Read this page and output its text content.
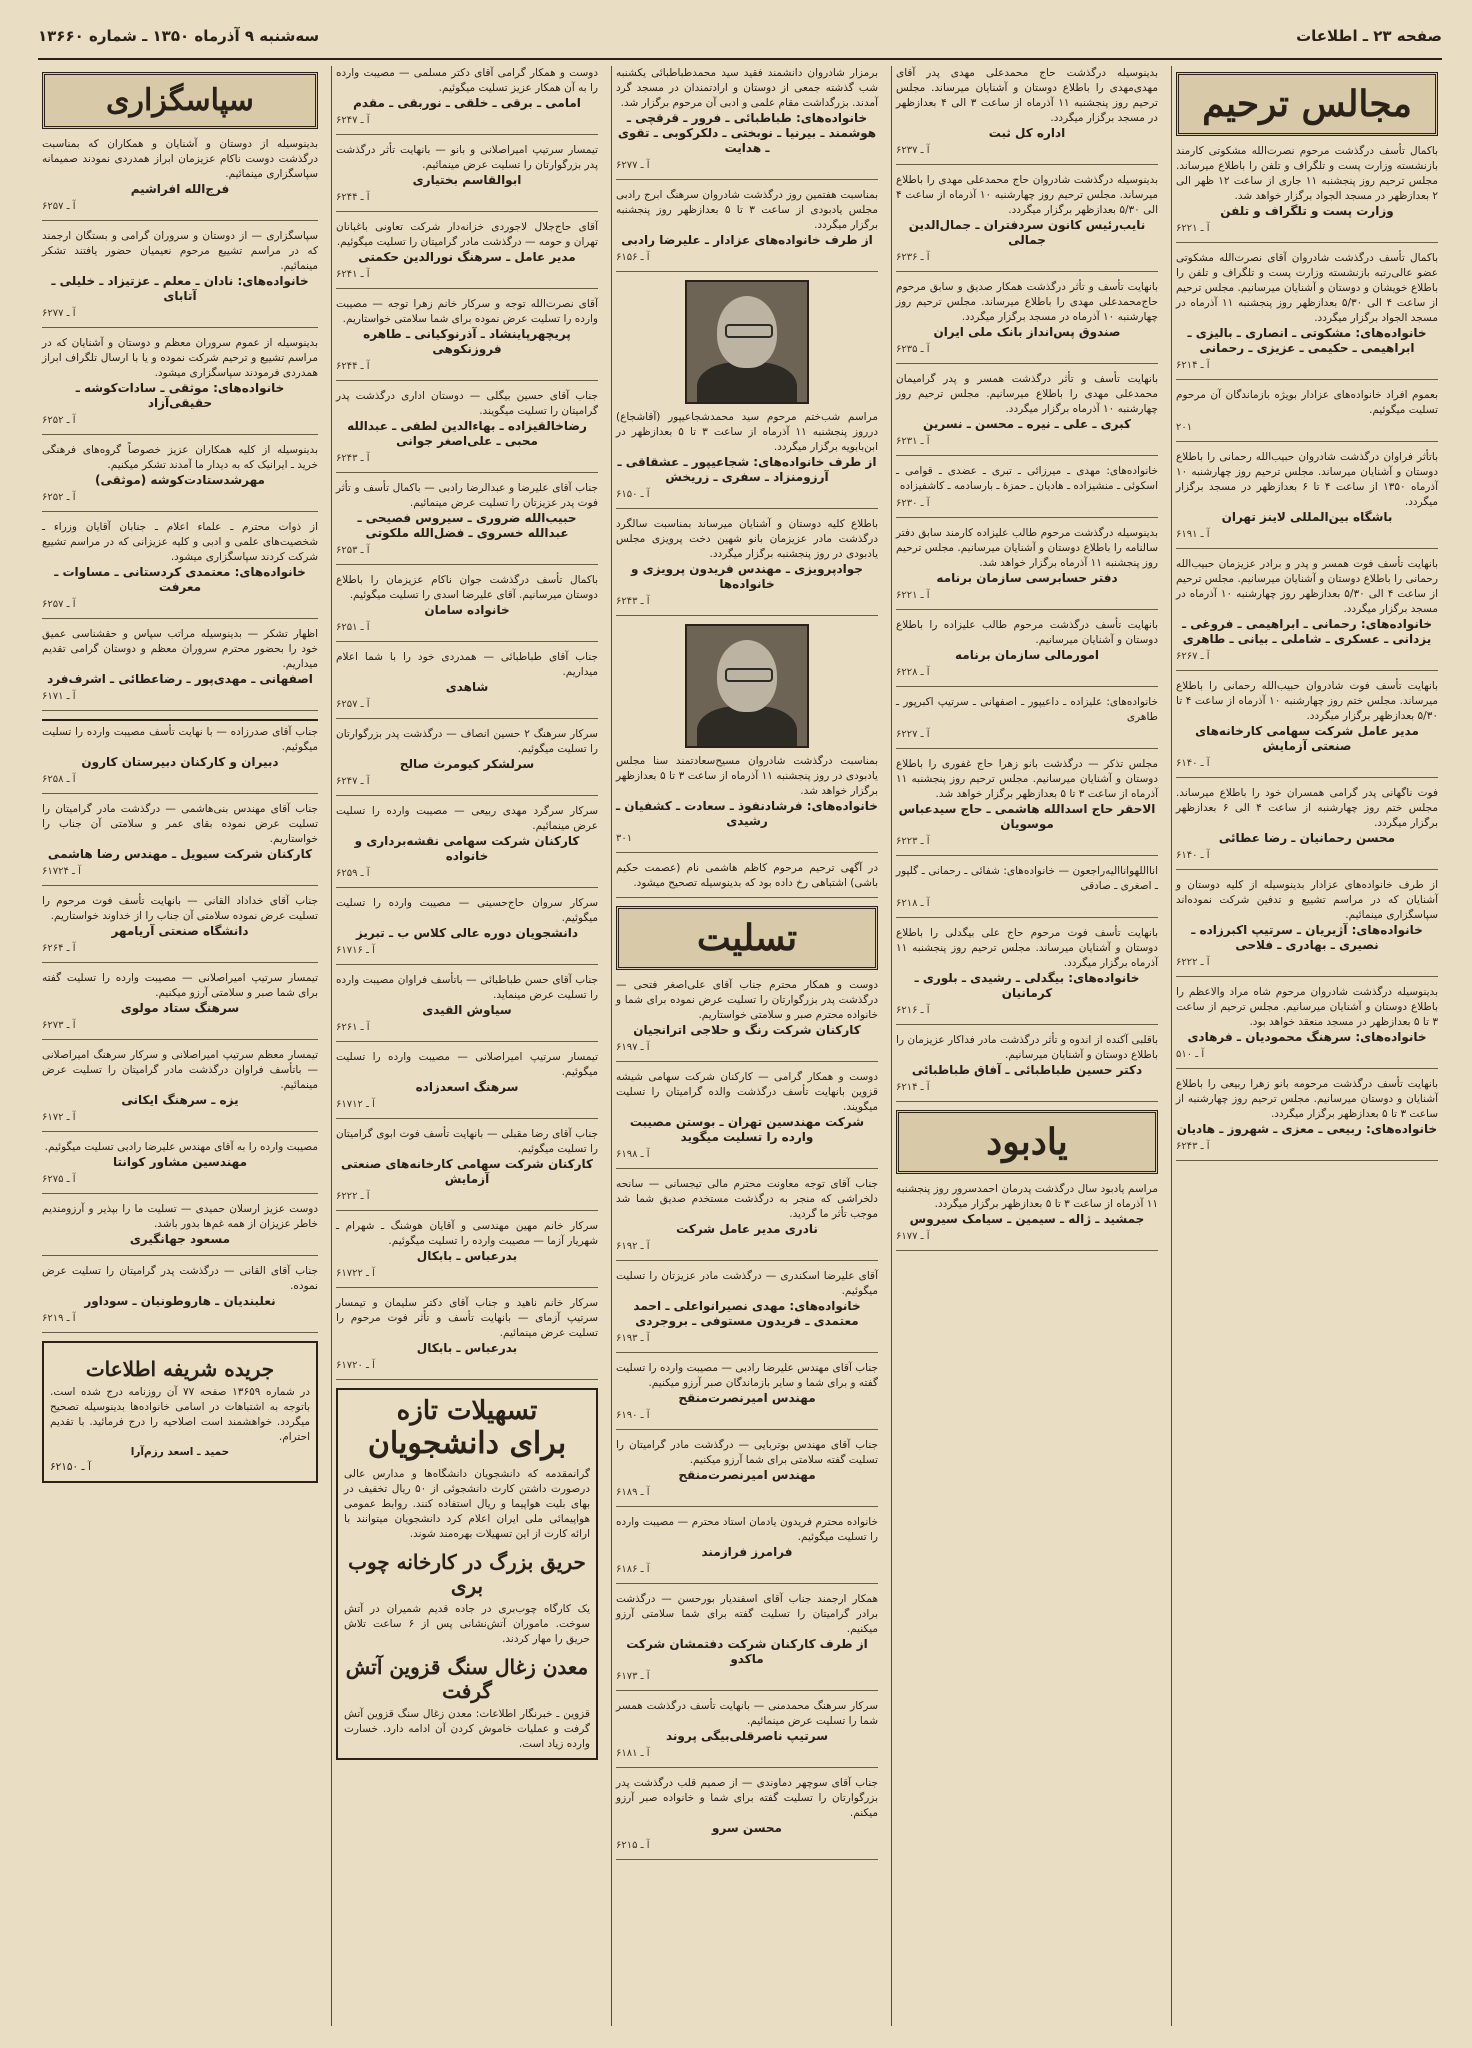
صفحه ۲۳ ـ اطلاعات
سه‌شنبه ۹ آذرماه ۱۳۵۰ ـ شماره ۱۳۶۶۰
مجالس ترحیم
باکمال تأسف درگذشت مرحوم نصرت‌الله مشکوتی کارمند بازنشسته وزارت پست و تلگراف و تلفن را باطلاع میرساند. مجلس ترحیم روز پنجشنبه ۱۱ جاری از ساعت ۱۲ ظهر الی ۲ بعدازظهر در مسجد الجواد برگزار خواهد شد.
وزارت پست و تلگراف و تلفن
آ ـ ۶۲۲۱
باکمال تأسف درگذشت شادروان آقای نصرت‌الله مشکوتی عضو عالی‌رتبه بازنشسته وزارت پست و تلگراف و تلفن را باطلاع خویشان و دوستان و آشنایان میرسانیم. مجلس ترحیم از ساعت ۴ الی ۵/۳۰ بعدازظهر روز پنجشنبه ۱۱ آذرماه در مسجد الجواد برگزار میگردد.
خانواده‌های: مشکوتی ـ انصاری ـ بالیزی ـ ابراهیمی ـ حکیمی ـ عزیزی ـ رحمانی
آ ـ ۶۲۱۴
بعموم افراد خانواده‌های عزادار بویژه بازماندگان آن مرحوم تسلیت میگوئیم.
۲۰۱
باتأثر فراوان درگذشت شادروان حبیب‌الله رحمانی را باطلاع دوستان و آشنایان میرساند. مجلس ترحیم روز چهارشنبه ۱۰ آذرماه ۱۳۵۰ از ساعت ۴ تا ۶ بعدازظهر در مسجد برگزار میگردد.
باشگاه بین‌المللی لاینز تهران
آ ـ ۶۱۹۱
بانهایت تأسف فوت همسر و پدر و برادر عزیزمان حبیب‌الله رحمانی را باطلاع دوستان و آشنایان میرسانیم. مجلس ترحیم از ساعت ۴ الی ۵/۳۰ بعدازظهر روز چهارشنبه ۱۰ آذرماه در مسجد برگزار میگردد.
خانواده‌های: رحمانی ـ ابراهیمی ـ فروغی ـ یزدانی ـ عسکری ـ شاملی ـ بیانی ـ طاهری
آ ـ ۶۲۶۷
بانهایت تأسف فوت شادروان حبیب‌الله رحمانی را باطلاع میرساند. مجلس ختم روز چهارشنبه ۱۰ آذرماه از ساعت ۴ تا ۵/۳۰ بعدازظهر برگزار میگردد.
مدیر عامل شرکت سهامی کارخانه‌های صنعتی آزمایش
آ ـ ۶۱۴۰
فوت ناگهانی پدر گرامی همسران خود را باطلاع میرساند. مجلس ختم روز چهارشنبه از ساعت ۴ الی ۶ بعدازظهر برگزار میگردد.
محسن رحمانیان ـ رضا عطائی
آ ـ ۶۱۴۰
از طرف خانواده‌های عزادار بدینوسیله از کلیه دوستان و آشنایان که در مراسم تشییع و تدفین شرکت نموده‌اند سپاسگزاری مینمائیم.
خانواده‌های: آژیریان ـ سرتیپ اکبرزاده ـ نصیری ـ بهادری ـ فلاحی
آ ـ ۶۲۲۲
بدینوسیله درگذشت شادروان مرحوم شاه مراد والاعظم را باطلاع دوستان و آشنایان میرسانیم. مجلس ترحیم از ساعت ۳ تا ۵ بعدازظهر در مسجد منعقد خواهد بود.
خانواده‌های: سرهنگ محمودیان ـ فرهادی
آ ـ ۵۱۰
بانهایت تأسف درگذشت مرحومه بانو زهرا ربیعی را باطلاع آشنایان و دوستان میرسانیم. مجلس ترحیم روز چهارشنبه از ساعت ۳ تا ۵ بعدازظهر برگزار میگردد.
خانواده‌های: ربیعی ـ معزی ـ شهروز ـ هادیان
آ ـ ۶۲۴۳
بدینوسیله درگذشت حاج محمدعلی مهدی پدر آقای مهدی‌مهدی را باطلاع دوستان و آشنایان میرساند. مجلس ترحیم روز پنجشنبه ۱۱ آذرماه از ساعت ۳ الی ۴ بعدازظهر در مسجد برگزار میگردد.
اداره کل ثبت
آ ـ ۶۲۳۷
بدینوسیله درگذشت شادروان حاج محمدعلی مهدی را باطلاع میرساند. مجلس ترحیم روز چهارشنبه ۱۰ آذرماه از ساعت ۴ الی ۵/۳۰ بعدازظهر برگزار میگردد.
نایب‌رئیس کانون سردفتران ـ جمال‌الدین جمالی
آ ـ ۶۲۳۶
بانهایت تأسف و تأثر درگذشت همکار صدیق و سابق مرحوم حاج‌محمدعلی مهدی را باطلاع میرساند. مجلس ترحیم روز چهارشنبه ۱۰ آذرماه در مسجد برگزار میگردد.
صندوق پس‌انداز بانک ملی ایران
آ ـ ۶۲۳۵
بانهایت تأسف و تأثر درگذشت همسر و پدر گرامیمان محمدعلی مهدی را باطلاع میرسانیم. مجلس ترحیم روز چهارشنبه ۱۰ آذرماه برگزار میگردد.
کبری ـ علی ـ نیره ـ محسن ـ نسرین
آ ـ ۶۲۳۱
خانواده‌های: مهدی ـ میرزائی ـ تبری ـ عضدی ـ قوامی ـ اسکوئی ـ منشیزاده ـ هادیان ـ حمزهٔ ـ بارسادمه ـ کاشفیزاده
آ ـ ۶۲۳۰
بدینوسیله درگذشت مرحوم طالب علیزاده کارمند سابق دفتر سالنامه را باطلاع دوستان و آشنایان میرسانیم. مجلس ترحیم روز پنجشنبه ۱۱ آذرماه برگزار خواهد شد.
دفتر حسابرسی سازمان برنامه
آ ـ ۶۲۲۱
بانهایت تأسف درگذشت مرحوم طالب علیزاده را باطلاع دوستان و آشنایان میرسانیم.
امورمالی سازمان برنامه
آ ـ ۶۲۲۸
خانواده‌های: علیزاده ـ داعیپور ـ اصفهانی ـ سرتیپ اکبرپور ـ طاهری
آ ـ ۶۲۲۷
مجلس تذکر — درگذشت بانو زهرا حاج غفوری را باطلاع دوستان و آشنایان میرسانیم. مجلس ترحیم روز پنجشنبه ۱۱ آذرماه از ساعت ۳ تا ۵ بعدازظهر برگزار خواهد شد.
الاحقر حاج اسدالله هاشمی ـ حاج سیدعباس موسویان
آ ـ ۶۲۲۳
انااللهوانااليه‌راجعون — خانواده‌های: شفائی ـ رحمانی ـ گلپور ـ اصغری ـ صادقی
آ ـ ۶۲۱۸
بانهایت تأسف فوت مرحوم حاج علی بیگدلی را باطلاع دوستان و آشنایان میرساند. مجلس ترحیم روز پنجشنبه ۱۱ آذرماه برگزار میگردد.
خانواده‌های: بیگدلی ـ رشیدی ـ بلوری ـ کرمانیان
آ ـ ۶۲۱۶
باقلبی آکنده از اندوه و تأثر درگذشت مادر فداکار عزیزمان را باطلاع دوستان و آشنایان میرسانیم.
دکتر حسین طباطبائی ـ آفاق طباطبائی
آ ـ ۶۲۱۴
یادبود
مراسم یادبود سال درگذشت پدرمان احمدسرور روز پنجشنبه ۱۱ آذرماه از ساعت ۳ تا ۵ بعدازظهر برگزار میگردد.
جمشید ـ ژاله ـ سیمین ـ سیامک سیروس
آ ـ ۶۱۷۷
برمزار شادروان دانشمند فقید سید محمدطباطبائی یکشنبه شب گذشته جمعی از دوستان و ارادتمندان در مسجد گرد آمدند. بزرگداشت مقام علمی و ادبی آن مرحوم برگزار شد.
خانواده‌های: طباطبائی ـ فرور ـ قرقچی ـ هوشمند ـ بیرنیا ـ نوبختی ـ دلکرکوبی ـ تقوی ـ هدایت
آ ـ ۶۲۷۷
بمناسبت هفتمین روز درگذشت شادروان سرهنگ ابرج رادبی مجلس یادبودی از ساعت ۳ تا ۵ بعدازظهر روز پنجشنبه برگزار میگردد.
از طرف خانواده‌های عزادار ـ علیرضا رادبی
آ ـ ۶۱۵۶
مراسم شب‌ختم مرحوم سید محمدشجاعیپور (آقاشجاع) درروز پنجشنبه ۱۱ آذرماه از ساعت ۳ تا ۵ بعدازظهر در ابن‌بابویه برگزار میگردد.
از طرف خانواده‌های: شجاعیپور ـ عشقاقی ـ آرزومنزاد ـ سفری ـ زریخش
آ ـ ۶۱۵۰
باطلاع کلیه دوستان و آشنایان میرساند بمناسبت سالگرد درگذشت مادر عزیزمان بانو شهین دخت پرویزی مجلس یادبودی در روز پنجشنبه برگزار میگردد.
جوادپرویزی ـ مهندس فریدون پرویزی و خانواده‌ها
آ ـ ۶۲۴۳
بمناسبت درگذشت شادروان مسیح‌سعادتمند سنا مجلس یادبودی در روز پنجشنبه ۱۱ آذرماه از ساعت ۳ تا ۵ بعدازظهر برگزار خواهد شد.
خانواده‌های: فرشادنفوذ ـ سعادت ـ کشفیان ـ رشیدی
۳۰۱
در آگهی ترحیم مرحوم کاظم هاشمی نام (عصمت حکیم باشی) اشتباهی رخ داده بود که بدینوسیله تصحیح میشود.
تسلیت
دوست و همکار محترم جناب آقای علی‌اصغر فتحی — درگذشت پدر بزرگوارتان را تسلیت عرض نموده برای شما و خانواده محترم صبر و سلامتی خواستاریم.
کارکنان شرکت رنگ و حلاجی اترانجیان
آ ـ ۶۱۹۷
دوست و همکار گرامی — کارکنان شرکت سهامی شیشه قزوین بانهایت تأسف درگذشت والده گرامیتان را تسلیت میگویند.
شرکت مهندسین تهران ـ بوستن مصیبت وارده را تسلیت میگوید
آ ـ ۶۱۹۸
جناب آقای توجه معاونت محترم مالی تیجسانی — سانحه دلخراشی که منجر به درگذشت مستخدم صدیق شما شد موجب تأثر ما گردید.
نادری مدیر عامل شرکت
آ ـ ۶۱۹۲
آقای علیرضا اسکندری — درگذشت مادر عزیزتان را تسلیت میگوئیم.
خانواده‌های: مهدی نصیرانواعلی ـ احمد معتمدی ـ فریدون مستوفی ـ بروجردی
آ ـ ۶۱۹۳
جناب آقای مهندس علیرضا رادبی — مصیبت وارده را تسلیت گفته و برای شما و سایر بازماندگان صبر آرزو میکنیم.
مهندس امیرنصرت‌منقح
آ ـ ۶۱۹۰
جناب آقای مهندس بوتربایی — درگذشت مادر گرامیتان را تسلیت گفته سلامتی برای شما آرزو میکنیم.
مهندس امیرنصرت‌منقح
آ ـ ۶۱۸۹
خانواده محترم فریدون یادمان استاد محترم — مصیبت وارده را تسلیت میگوئیم.
فرامرز فرازمند
آ ـ ۶۱۸۶
همکار ارجمند جناب آقای اسفندیار بورحسن — درگذشت برادر گرامیتان را تسلیت گفته برای شما سلامتی آرزو میکنیم.
از طرف کارکنان شرکت دفتمشان شرکت ماکدو
آ ـ ۶۱۷۳
سرکار سرهنگ محمدمنی — بانهایت تأسف درگذشت همسر شما را تسلیت عرض مینمائیم.
سرتیپ ناصرقلی‌بیگی پروند
آ ـ ۶۱۸۱
جناب آقای سوچهر دماوندی — از صمیم قلب درگذشت پدر بزرگوارتان را تسلیت گفته برای شما و خانواده صبر آرزو میکنم.
محسن سرو
آ ـ ۶۲۱۵
دوست و همکار گرامی آقای دکتر مسلمی — مصیبت وارده را به آن همکار عزیز تسلیت میگوئیم.
امامی ـ برقی ـ خلقی ـ نوربقی ـ مقدم
آ ـ ۶۲۴۷
تیمسار سرتیپ امیراصلانی و بانو — بانهایت تأثر درگذشت پدر بزرگوارتان را تسلیت عرض مینمائیم.
ابوالقاسم بختیاری
آ ـ ۶۲۴۴
آقای حاج‌جلال لاجوردی خزانه‌دار شرکت تعاونی باغبانان تهران و حومه — درگذشت مادر گرامیتان را تسلیت میگوئیم.
مدیر عامل ـ سرهنگ نورالدین حکمتی
آ ـ ۶۲۴۱
آقای نصرت‌الله توجه و سرکار خانم زهرا توجه — مصیبت وارده را تسلیت عرض نموده برای شما سلامتی خواستاریم.
پریچهرپاینشاد ـ آذرنوکیانی ـ طاهره فروزنکوهی
آ ـ ۶۲۴۴
جناب آقای حسین بیگلی — دوستان اداری درگذشت پدر گرامیتان را تسلیت میگویند.
رضاخالقیزاده ـ بهاءالدین لطفی ـ عبدالله محبی ـ علی‌اصغر جوانی
آ ـ ۶۲۴۳
جناب آقای علیرضا و عبدالرضا رادبی — باکمال تأسف و تأثر فوت پدر عزیزتان را تسلیت عرض مینمائیم.
حبیب‌الله ضروری ـ سیروس فصیحی ـ عبدالله خسروی ـ فضل‌الله ملکوتی
آ ـ ۶۲۵۳
باکمال تأسف درگذشت جوان ناکام عزیزمان را باطلاع دوستان میرسانیم. آقای علیرضا اسدی را تسلیت میگوئیم.
خانواده سامان
آ ـ ۶۲۵۱
جناب آقای طباطبائی — همدردی خود را با شما اعلام میداریم.
شاهدی
آ ـ ۶۲۵۷
سرکار سرهنگ ۲ حسین انصاف — درگذشت پدر بزرگوارتان را تسلیت میگوئیم.
سرلشکر کیومرث صالح
آ ـ ۶۲۴۷
سرکار سرگرد مهدی ربیعی — مصیبت وارده را تسلیت عرض مینمائیم.
کارکنان شرکت سهامی نقشه‌برداری و خانواده
آ ـ ۶۲۵۹
سرکار سروان حاج‌حسینی — مصیبت وارده را تسلیت میگوئیم.
دانشجویان دوره عالی کلاس ب ـ تبریز
آ ـ ۶۱۷۱۶
جناب آقای حسن طباطبائی — باتأسف فراوان مصیبت وارده را تسلیت عرض مینماید.
سیاوش القیدی
آ ـ ۶۲۶۱
تیمسار سرتیپ امیراصلانی — مصیبت وارده را تسلیت میگوئیم.
سرهنگ اسعدزاده
آ ـ ۶۱۷۱۲
جناب آقای رضا مقبلی — بانهایت تأسف فوت ابوی گرامیتان را تسلیت میگوئیم.
کارکنان شرکت سهامی کارخانه‌های صنعتی آزمایش
آ ـ ۶۲۲۲
سرکار خانم مهین مهندسی و آقایان هوشنگ ـ شهرام ـ شهریار آزما — مصیبت وارده را تسلیت میگوئیم.
بدرعباس ـ بابکال
آ ـ ۶۱۷۲۲
سرکار خانم ناهید و جناب آقای دکتر سلیمان و تیمسار سرتیپ آزمای — بانهایت تأسف و تأثر فوت مرحوم را تسلیت عرض مینمائیم.
بدرعباس ـ بابکال
آ ـ ۶۱۷۲۰
تسهیلات تازه
برای دانشجویان
گرانمقدمه که دانشجویان دانشگاه‌ها و مدارس عالی درصورت داشتن کارت دانشجوئی از ۵۰ ریال تخفیف در بهای بلیت هواپیما و ریال استفاده کنند. روابط عمومی هواپیمائی ملی ایران اعلام کرد دانشجویان میتوانند با ارائه کارت از این تسهیلات بهره‌مند شوند.
حریق بزرگ در کارخانه چوب بری
یک کارگاه چوب‌بری در جاده قدیم شمیران در آتش سوخت. ماموران آتش‌نشانی پس از ۶ ساعت تلاش حریق را مهار کردند.
معدن زغال سنگ قزوین آتش گرفت
قزوین ـ خبرنگار اطلاعات: معدن زغال سنگ قزوین آتش گرفت و عملیات خاموش کردن آن ادامه دارد. خسارت وارده زیاد است.
سپاسگزاری
بدینوسیله از دوستان و آشنایان و همکاران که بمناسبت درگذشت دوست ناکام عزیزمان ابراز همدردی نمودند صمیمانه سپاسگزاری مینمائیم.
فرج‌الله افراشیم
آ ـ ۶۲۵۷
سپاسگزاری — از دوستان و سروران گرامی و بستگان ارجمند که در مراسم تشییع مرحوم نعیمیان حضور یافتند تشکر مینمائیم.
خانواده‌های: نادان ـ معلم ـ عزتیزاد ـ خلیلی ـ آتابای
آ ـ ۶۲۷۷
بدینوسیله از عموم سروران معظم و دوستان و آشنایان که در مراسم تشییع و ترحیم شرکت نموده و یا با ارسال تلگراف ابراز همدردی فرمودند سپاسگزاری میشود.
خانواده‌های: موثقی ـ سادات‌کوشه ـ حقیقی‌آزاد
آ ـ ۶۲۵۲
بدینوسیله از کلیه همکاران عزیز خصوصاً گروه‌های فرهنگی خرید ـ ایرانیک که به دیدار ما آمدند تشکر میکنیم.
مهرشدستادت‌کوشه (موثقی)
آ ـ ۶۲۵۲
از ذوات محترم ـ علماء اعلام ـ جنابان آقایان وزراء ـ شخصیت‌های علمی و ادبی و کلیه عزیزانی که در مراسم تشییع شرکت کردند سپاسگزاری میشود.
خانواده‌های: معتمدی کردستانی ـ مساوات ـ معرفت
آ ـ ۶۲۵۷
اظهار تشکر — بدینوسیله مراتب سپاس و حقشناسی عمیق خود را بحضور محترم سروران معظم و دوستان گرامی تقدیم میداریم.
اصفهانی ـ مهدی‌پور ـ رضاعطائی ـ اشرف‌فرد
آ ـ ۶۱۷۱
جناب آقای صدرزاده — با نهایت تأسف مصیبت وارده را تسلیت میگوئیم.
دبیران و کارکنان دبیرستان کارون
آ ـ ۶۲۵۸
جناب آقای مهندس بنی‌هاشمی — درگذشت مادر گرامیتان را تسلیت عرض نموده بقای عمر و سلامتی آن جناب را خواستاریم.
کارکنان شرکت سیویل ـ مهندس رضا هاشمی
آ ـ ۶۱۷۲۴
جناب آقای خداداد القانی — بانهایت تأسف فوت مرحوم را تسلیت عرض نموده سلامتی آن جناب را از خداوند خواستاریم.
دانشگاه صنعتی آریامهر
آ ـ ۶۲۶۴
تیمسار سرتیپ امیراصلانی — مصیبت وارده را تسلیت گفته برای شما صبر و سلامتی آرزو میکنیم.
سرهنگ ستاد مولوی
آ ـ ۶۲۷۳
تیمسار معظم سرتیپ امیراصلانی و سرکار سرهنگ امیراصلانی — باتأسف فراوان درگذشت مادر گرامیتان را تسلیت عرض مینمائیم.
یزه ـ سرهنگ ایکانی
آ ـ ۶۱۷۲
مصیبت وارده را به آقای مهندس علیرضا رادبی تسلیت میگوئیم.
مهندسین مشاور کوانتا
آ ـ ۶۲۷۵
دوست عزیز ارسلان حمیدی — تسلیت ما را بپذیر و آرزومندیم خاطر عزیزان از همه غم‌ها بدور باشد.
مسعود جهانگیری
جناب آقای القانی — درگذشت پدر گرامیتان را تسلیت عرض نموده.
نعلبندیان ـ هاروطونیان ـ سوداور
آ ـ ۶۲۱۹
جریده شریفه اطلاعات
در شماره ۱۳۶۵۹ صفحه ۷۷ آن روزنامه درج شده است. باتوجه به اشتباهات در اسامی خانواده‌ها بدینوسیله تصحیح میگردد. خواهشمند است اصلاحیه را درج فرمائید. با تقدیم احترام.
حمید ـ اسعد رزم‌آرا
آ ـ ۶۲۱۵۰
